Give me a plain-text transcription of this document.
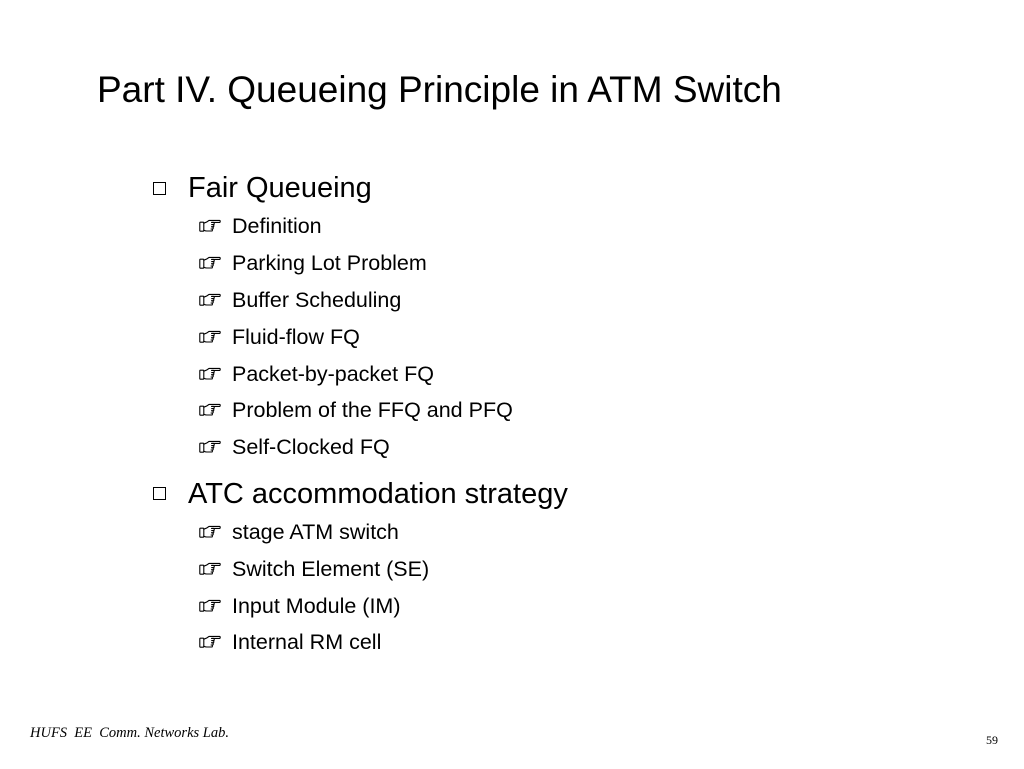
Part IV. Queueing Principle in ATM Switch
Fair Queueing
Definition
Parking Lot Problem
Buffer Scheduling
Fluid-flow FQ
Packet-by-packet FQ
Problem of the FFQ and PFQ
Self-Clocked FQ
ATC accommodation strategy
stage ATM switch
Switch Element (SE)
Input Module (IM)
Internal RM cell
HUFS  EE  Comm. Networks Lab.	59
